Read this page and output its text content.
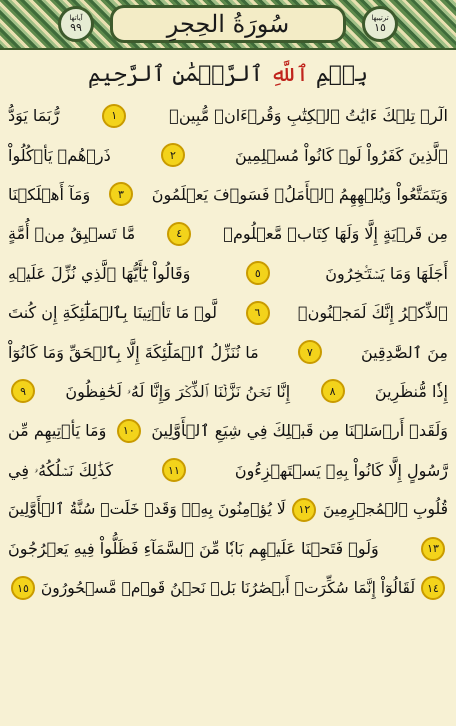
آياتها
٩٩	سُورَةُ الحِجرِ	ترتيبها
١٥
بِسۡمِ ٱللَّهِ ٱلرَّحۡمَٰنِ ٱلرَّحِيمِ
الٓرۚ تِلۡكَ ءَايَٰتُ ٱلۡكِتَٰبِ وَقُرۡءَانٖ مُّبِينٖ
١
رُّبَمَا يَوَدُّ
ٱلَّذِينَ كَفَرُواْ لَوۡ كَانُواْ مُسۡلِمِينَ
٢
ذَرۡهُمۡ يَأۡكُلُواْ
وَيَتَمَتَّعُواْ وَيُلۡهِهِمُ ٱلۡأَمَلُۖ فَسَوۡفَ يَعۡلَمُونَ
٣
وَمَآ أَهۡلَكۡنَا
مِن قَرۡيَةٍ إِلَّا وَلَهَا كِتَابٞ مَّعۡلُومٞ
٤
مَّا تَسۡبِقُ مِنۡ أُمَّةٍ
أَجَلَهَا وَمَا يَسۡتَـٔۡخِرُونَ
٥
وَقَالُواْ يَٰٓأَيُّهَا ٱلَّذِي نُزِّلَ عَلَيۡهِ
ٱلذِّكۡرُ إِنَّكَ لَمَجۡنُونٞ
٦
لَّوۡ مَا تَأۡتِينَا بِٱلۡمَلَٰٓئِكَةِ إِن كُنتَ
مِنَ ٱلصَّٰدِقِينَ
٧
مَا نُنَزِّلُ ٱلۡمَلَٰٓئِكَةَ إِلَّا بِٱلۡحَقِّ وَمَا كَانُوٓاْ
إِذٗا مُّنظَرِينَ
٨
إِنَّا نَحۡنُ نَزَّلۡنَا ٱلذِّكۡرَ وَإِنَّا لَهُۥ لَحَٰفِظُونَ
٩
وَلَقَدۡ أَرۡسَلۡنَا مِن قَبۡلِكَ فِي شِيَعِ ٱلۡأَوَّلِينَ
١٠
وَمَا يَأۡتِيهِم مِّن
رَّسُولٍ إِلَّا كَانُواْ بِهِۦ يَسۡتَهۡزِءُونَ
١١
كَذَٰلِكَ نَسۡلُكُهُۥ فِي
قُلُوبِ ٱلۡمُجۡرِمِينَ
١٢
لَا يُؤۡمِنُونَ بِهِۦۖ وَقَدۡ خَلَتۡ سُنَّةُ ٱلۡأَوَّلِينَ
١٣
وَلَوۡ فَتَحۡنَا عَلَيۡهِم بَابٗا مِّنَ ٱلسَّمَآءِ فَظَلُّواْ فِيهِ يَعۡرُجُونَ
١٤
لَقَالُوٓاْ إِنَّمَا سُكِّرَتۡ أَبۡصَٰرُنَا بَلۡ نَحۡنُ قَوۡمٞ مَّسۡحُورُونَ
١٥
